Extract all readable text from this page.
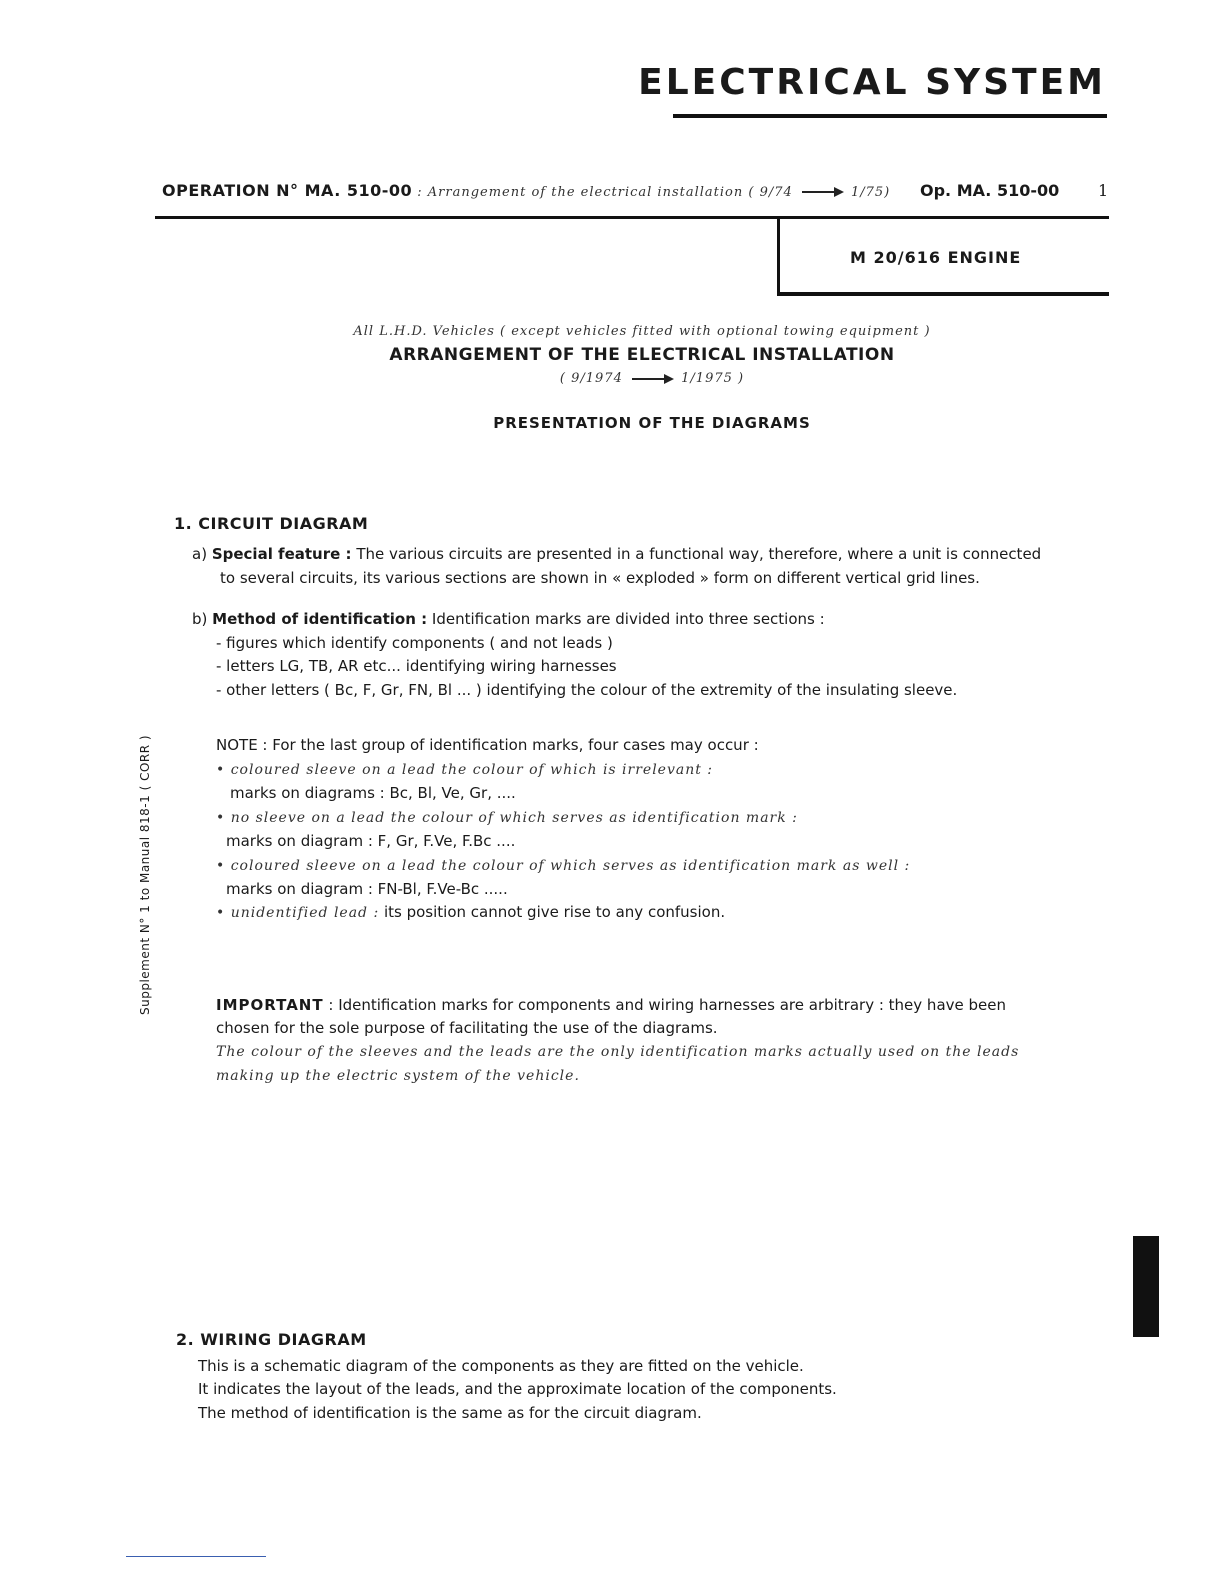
ELECTRICAL SYSTEM
OPERATION N° MA. 510-00 : Arrangement of the electrical installation ( 9/74	1/75) Op. MA. 510-00 1
M 20/616 ENGINE
All L.H.D. Vehicles ( except vehicles fitted with optional towing equipment )
ARRANGEMENT OF THE ELECTRICAL INSTALLATION
( 9/1974	1/1975 )
PRESENTATION OF THE DIAGRAMS
1. CIRCUIT DIAGRAM
a) Special feature : The various circuits are presented in a functional way, therefore, where a unit is connected
to several circuits, its various sections are shown in « exploded » form on different vertical grid lines.
b) Method of identification : Identification marks are divided into three sections :
- figures which identify components ( and not leads )
- letters LG, TB, AR etc... identifying wiring harnesses
- other letters ( Bc, F, Gr, FN, Bl ... ) identifying the colour of the extremity of the insulating sleeve.
NOTE : For the last group of identification marks, four cases may occur :
• coloured sleeve on a lead the colour of which is irrelevant :
marks on diagrams : Bc, Bl, Ve, Gr, ....
• no sleeve on a lead the colour of which serves as identification mark :
marks on diagram : F, Gr, F.Ve, F.Bc ....
• coloured sleeve on a lead the colour of which serves as identification mark as well :
marks on diagram : FN-Bl, F.Ve-Bc .....
• unidentified lead : its position cannot give rise to any confusion.
IMPORTANT : Identification marks for components and wiring harnesses are arbitrary : they have been
chosen for the sole purpose of facilitating the use of the diagrams.
The colour of the sleeves and the leads are the only identification marks actually used on the leads
making up the electric system of the vehicle.
2. WIRING DIAGRAM
This is a schematic diagram of the components as they are fitted on the vehicle.
It indicates the layout of the leads, and the approximate location of the components.
The method of identification is the same as for the circuit diagram.
Supplement N° 1 to Manual 818-1 ( CORR )
